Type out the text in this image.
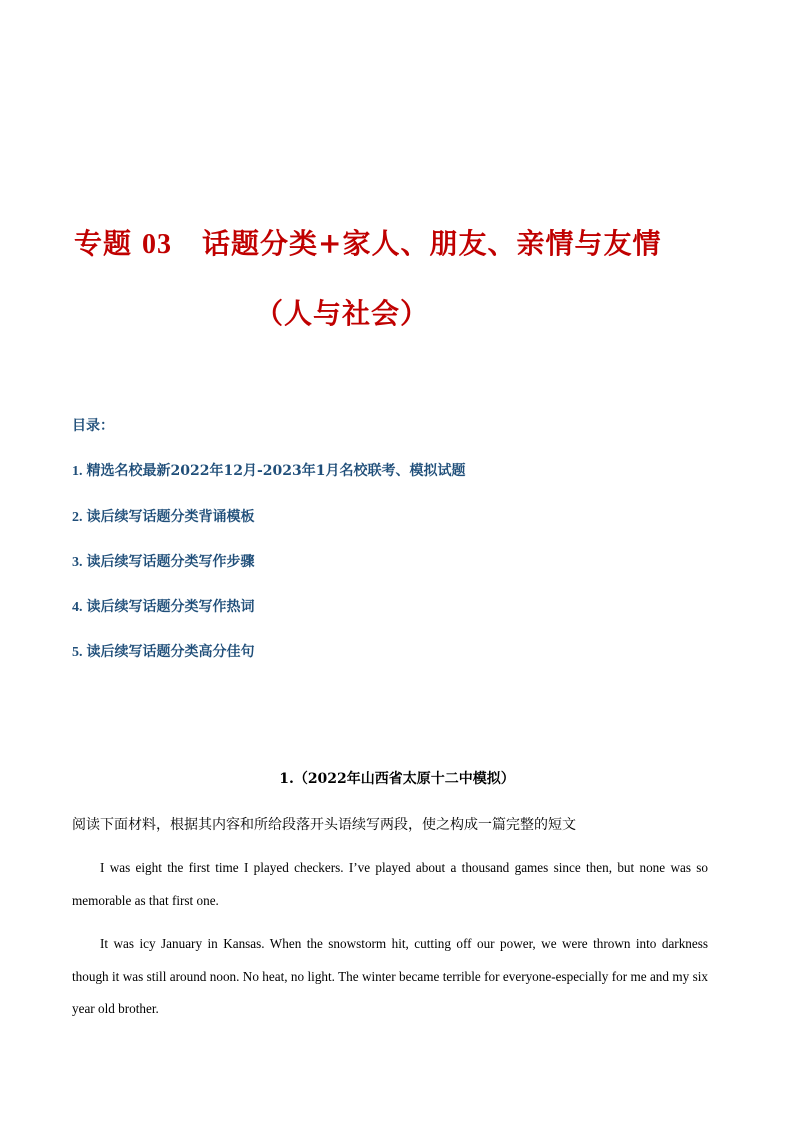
专题 03 话题分类+家人、朋友、亲情与友情
（人与社会）
目录：
1. 精选名校最新2022年12月-2023年1月名校联考、模拟试题
2. 读后续写话题分类背诵模板
3. 读后续写话题分类写作步骤
4. 读后续写话题分类写作热词
5. 读后续写话题分类高分佳句
1.（2022年山西省太原十二中模拟）
阅读下面材料，根据其内容和所给段落开头语续写两段，使之构成一篇完整的短文
I was eight the first time I played checkers. I’ve played about a thousand games since then, but none was so memorable as that first one.
It was icy January in Kansas. When the snowstorm hit, cutting off our power, we were thrown into darkness though it was still around noon. No heat, no light. The winter became terrible for everyone-especially for me and my six year old brother.
